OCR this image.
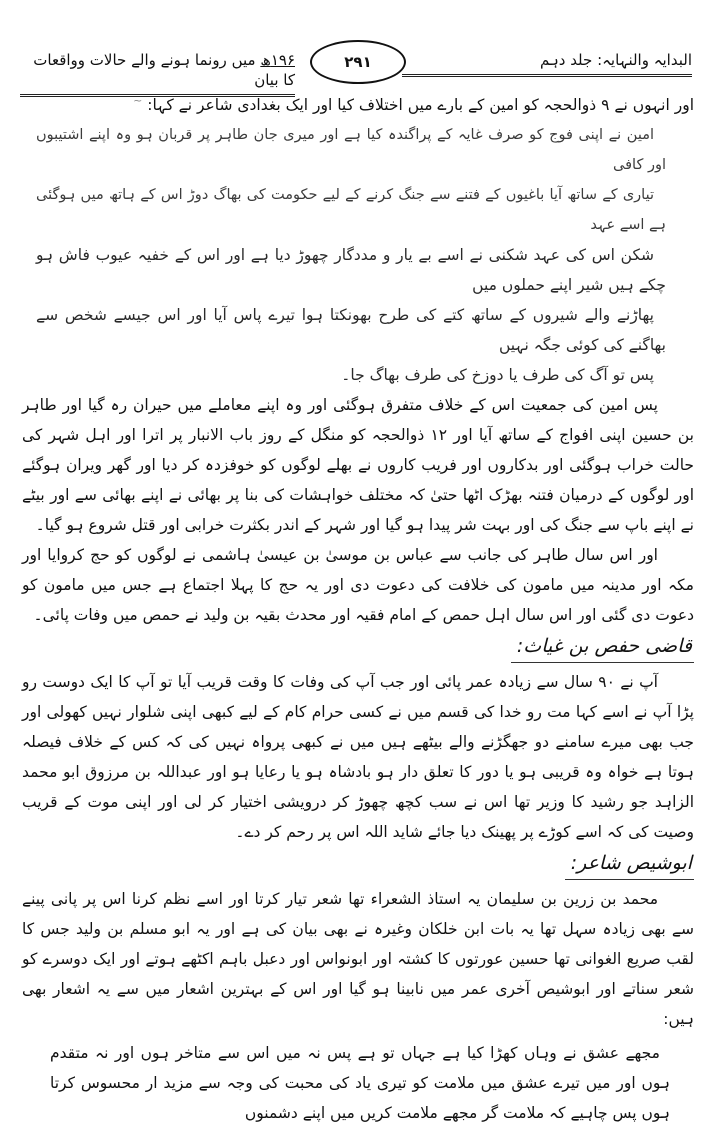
۱۹۶ھ میں رونما ہونے والے حالات وواقعات کا بیان
۲۹۱	البدایہ والنہایہ: جلد دہم

اور انہوں نے ۹ ذوالحجہ کو امین کے بارے میں اختلاف کیا اور ایک بغدادی شاعر نے کہا: ~

امین نے اپنی فوج کو صرف غایہ کے پراگندہ کیا ہے اور میری جان طاہر پر قربان ہو وہ اپنے اشتیبوں اور کافی

تیاری کے ساتھ آیا باغیوں کے فتنے سے جنگ کرنے کے لیے حکومت کی بھاگ دوڑ اس کے ہاتھ میں ہوگئی ہے اسے عہد

شکن اس کی عہد شکنی نے اسے بے یار و مددگار چھوڑ دیا ہے اور اس کے خفیہ عیوب فاش ہو چکے ہیں شیر اپنے حملوں میں

پھاڑنے والے شیروں کے ساتھ کتے کی طرح بھونکتا ہوا تیرے پاس آیا اور اس جیسے شخص سے بھاگنے کی کوئی جگہ نہیں

پس تو آگ کی طرف یا دوزخ کی طرف بھاگ جا۔

پس امین کی جمعیت اس کے خلاف متفرق ہوگئی اور وہ اپنے معاملے میں حیران رہ گیا اور طاہر بن حسین اپنی افواج کے ساتھ آیا اور ۱۲ ذوالحجہ کو منگل کے روز باب الانبار پر اترا اور اہل شہر کی حالت خراب ہوگئی اور بدکاروں اور فریب کاروں نے بھلے لوگوں کو خوفزدہ کر دیا اور گھر ویران ہوگئے اور لوگوں کے درمیان فتنہ بھڑک اٹھا حتیٰ کہ مختلف خواہشات کی بنا پر بھائی نے اپنے بھائی سے اور بیٹے نے اپنے باپ سے جنگ کی اور بہت شر پیدا ہو گیا اور شہر کے اندر بکثرت خرابی اور قتل شروع ہو گیا۔

اور اس سال طاہر کی جانب سے عباس بن موسیٰ بن عیسیٰ ہاشمی نے لوگوں کو حج کروایا اور مکہ اور مدینہ میں مامون کی خلافت کی دعوت دی اور یہ حج کا پہلا اجتماع ہے جس میں مامون کو دعوت دی گئی اور اس سال اہل حمص کے امام فقیہ اور محدث بقیہ بن ولید نے حمص میں وفات پائی۔

قاضی حفص بن غیاث:

آپ نے ۹۰ سال سے زیادہ عمر پائی اور جب آپ کی وفات کا وقت قریب آیا تو آپ کا ایک دوست رو پڑا آپ نے اسے کہا مت رو خدا کی قسم میں نے کسی حرام کام کے لیے کبھی اپنی شلوار نہیں کھولی اور جب بھی میرے سامنے دو جھگڑنے والے بیٹھے ہیں میں نے کبھی پرواہ نہیں کی کہ کس کے خلاف فیصلہ ہوتا ہے خواہ وہ قریبی ہو یا دور کا تعلق دار ہو بادشاہ ہو یا رعایا ہو اور عبداللہ بن مرزوق ابو محمد الزاہد جو رشید کا وزیر تھا اس نے سب کچھ چھوڑ کر درویشی اختیار کر لی اور اپنی موت کے قریب وصیت کی کہ اسے کوڑے پر پھینک دیا جائے شاید اللہ اس پر رحم کر دے۔

ابوشیص شاعر:

محمد بن زرین بن سلیمان یہ استاذ الشعراء تھا شعر تیار کرتا اور اسے نظم کرنا اس پر پانی پینے سے بھی زیادہ سہل تھا یہ بات ابن خلکان وغیرہ نے بھی بیان کی ہے اور یہ ابو مسلم بن ولید جس کا لقب صریع الغوانی تھا حسین عورتوں کا کشتہ اور ابونواس اور دعبل باہم اکٹھے ہوتے اور ایک دوسرے کو شعر سناتے اور ابوشیص آخری عمر میں نابینا ہو گیا اور اس کے بہترین اشعار میں سے یہ اشعار بھی ہیں:

مجھے عشق نے وہاں کھڑا کیا ہے جہاں تو ہے پس نہ میں اس سے متاخر ہوں اور نہ متقدم ہوں اور میں تیرے عشق میں ملامت کو تیری یاد کی محبت کی وجہ سے مزید ار محسوس کرتا ہوں پس چاہیے کہ ملامت گر مجھے ملامت کریں میں اپنے دشمنوں
